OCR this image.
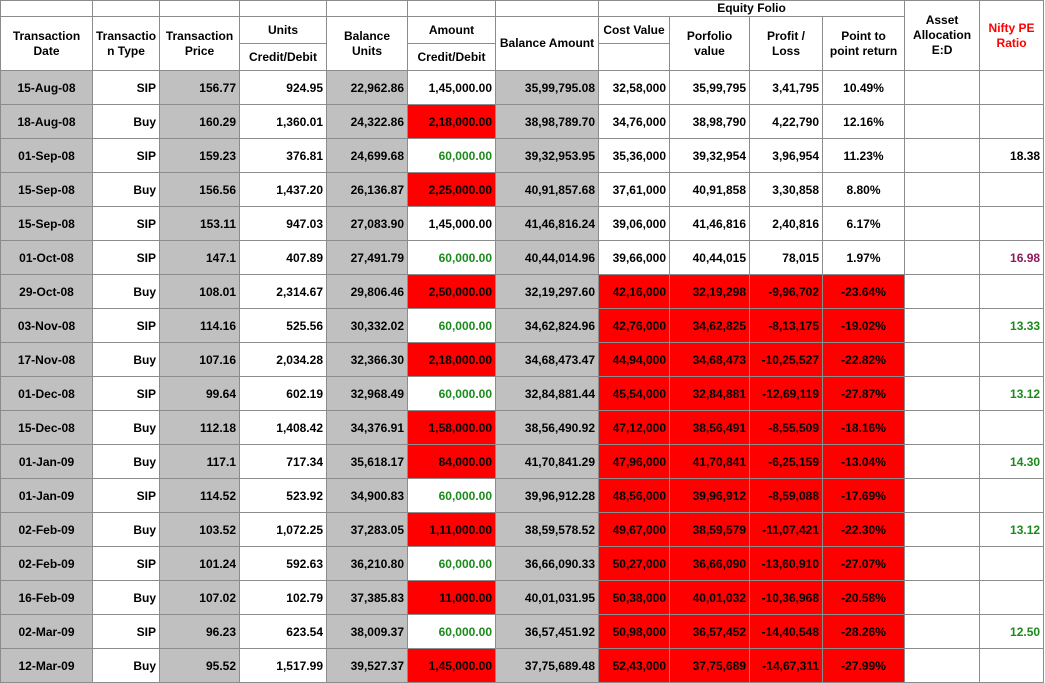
							Equity Folio				Asset Allocation E:D	Nifty PE Ratio
Transaction Date	Transactio n Type	Transaction Price	Units	Balance Units	Amount	Balance Amount	Cost Value	Porfolio value	Profit / Loss	Point to point return		
			Credit/Debit		Credit/Debit							
15-Aug-08	SIP	156.77	924.95	22,962.86	1,45,000.00	35,99,795.08	32,58,000	35,99,795	3,41,795	10.49%		
18-Aug-08	Buy	160.29	1,360.01	24,322.86	2,18,000.00	38,98,789.70	34,76,000	38,98,790	4,22,790	12.16%		
01-Sep-08	SIP	159.23	376.81	24,699.68	60,000.00	39,32,953.95	35,36,000	39,32,954	3,96,954	11.23%		18.38
15-Sep-08	Buy	156.56	1,437.20	26,136.87	2,25,000.00	40,91,857.68	37,61,000	40,91,858	3,30,858	8.80%		
15-Sep-08	SIP	153.11	947.03	27,083.90	1,45,000.00	41,46,816.24	39,06,000	41,46,816	2,40,816	6.17%		
01-Oct-08	SIP	147.1	407.89	27,491.79	60,000.00	40,44,014.96	39,66,000	40,44,015	78,015	1.97%		16.98
29-Oct-08	Buy	108.01	2,314.67	29,806.46	2,50,000.00	32,19,297.60	42,16,000	32,19,298	-9,96,702	-23.64%		
03-Nov-08	SIP	114.16	525.56	30,332.02	60,000.00	34,62,824.96	42,76,000	34,62,825	-8,13,175	-19.02%		13.33
17-Nov-08	Buy	107.16	2,034.28	32,366.30	2,18,000.00	34,68,473.47	44,94,000	34,68,473	-10,25,527	-22.82%		
01-Dec-08	SIP	99.64	602.19	32,968.49	60,000.00	32,84,881.44	45,54,000	32,84,881	-12,69,119	-27.87%		13.12
15-Dec-08	Buy	112.18	1,408.42	34,376.91	1,58,000.00	38,56,490.92	47,12,000	38,56,491	-8,55,509	-18.16%		
01-Jan-09	Buy	117.1	717.34	35,618.17	84,000.00	41,70,841.29	47,96,000	41,70,841	-6,25,159	-13.04%		14.30
01-Jan-09	SIP	114.52	523.92	34,900.83	60,000.00	39,96,912.28	48,56,000	39,96,912	-8,59,088	-17.69%		
02-Feb-09	Buy	103.52	1,072.25	37,283.05	1,11,000.00	38,59,578.52	49,67,000	38,59,579	-11,07,421	-22.30%		13.12
02-Feb-09	SIP	101.24	592.63	36,210.80	60,000.00	36,66,090.33	50,27,000	36,66,090	-13,60,910	-27.07%		
16-Feb-09	Buy	107.02	102.79	37,385.83	11,000.00	40,01,031.95	50,38,000	40,01,032	-10,36,968	-20.58%		
02-Mar-09	SIP	96.23	623.54	38,009.37	60,000.00	36,57,451.92	50,98,000	36,57,452	-14,40,548	-28.26%		12.50
12-Mar-09	Buy	95.52	1,517.99	39,527.37	1,45,000.00	37,75,689.48	52,43,000	37,75,689	-14,67,311	-27.99%		
